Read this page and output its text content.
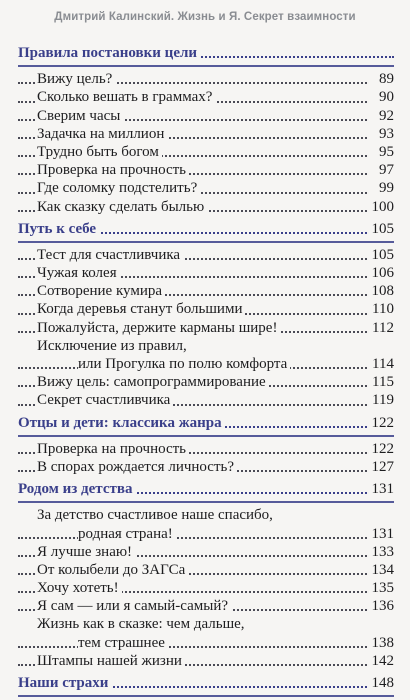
Дмитрий Калинский. Жизнь и Я. Секрет взаимности
Правила постановки цели
Вижу цель?	89
Сколько вешать в граммах?	90
Сверим часы	92
Задачка на миллион	93
Трудно быть богом	95
Проверка на прочность	97
Где соломку подстелить?	99
Как сказку сделать былью	100
Путь к себе	105
Тест для счастливчика	105
Чужая колея	106
Сотворение кумира	108
Когда деревья станут большими	110
Пожалуйста, держите карманы шире!	112
Исключение из правил,
или Прогулка по полю комфорта	114
Вижу цель: самопрограммирование	115
Секрет счастливчика	119
Отцы и дети: классика жанра	122
Проверка на прочность	122
В спорах рождается личность?	127
Родом из детства	131
За детство счастливое наше спасибо,
родная страна!	131
Я лучше знаю!	133
От колыбели до ЗАГСа	134
Хочу хотеть!	135
Я сам — или я самый-самый?	136
Жизнь как в сказке: чем дальше,
тем страшнее	138
Штампы нашей жизни	142
Наши страхи	148
